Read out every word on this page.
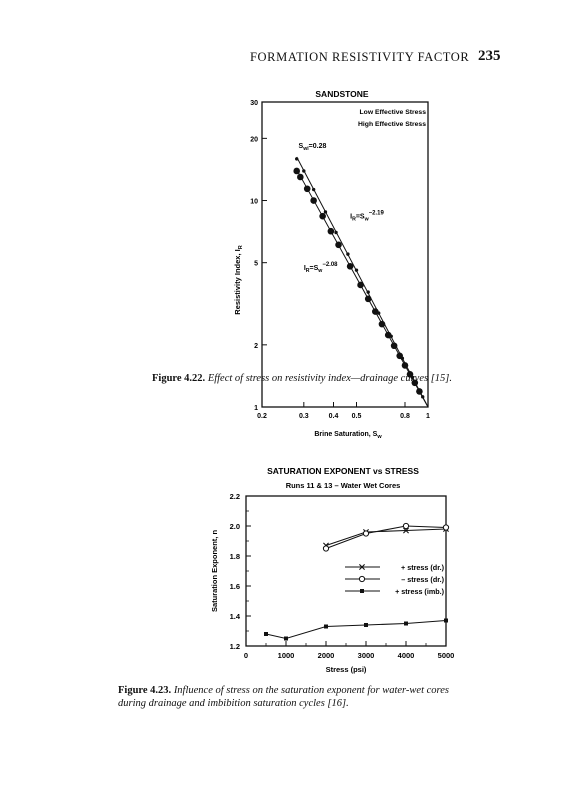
FORMATION RESISTIVITY FACTOR 235
SANDSTONE
1
2
5
10
20
30
0.2	0.3	0.4 0.5	0.8 1
Low Effective Stress
High Effective Stress
$S_{wi}=0.28$
$I_R=S_w-2.19$
$I_R=S_w-2.08$
Resistivity Index, $I_R$
Brine Saturation, $S_w$
Figure 4.22. Effect of stress on resistivity index—drainage curves [15].
SATURATION EXPONENT vs STRESS
Runs 11 & 13 – Water Wet Cores
1.2
1.4
1.6
1.8
2.0
2.2
0	1000	2000	3000	4000	5000
+ stress (dr.)
– stress (dr.)
+ stress (imb.)
Saturation Exponent, n
Stress (psi)
Figure 4.23. Influence of stress on the saturation exponent for water-wet cores during drainage and imbibition saturation cycles [16].
